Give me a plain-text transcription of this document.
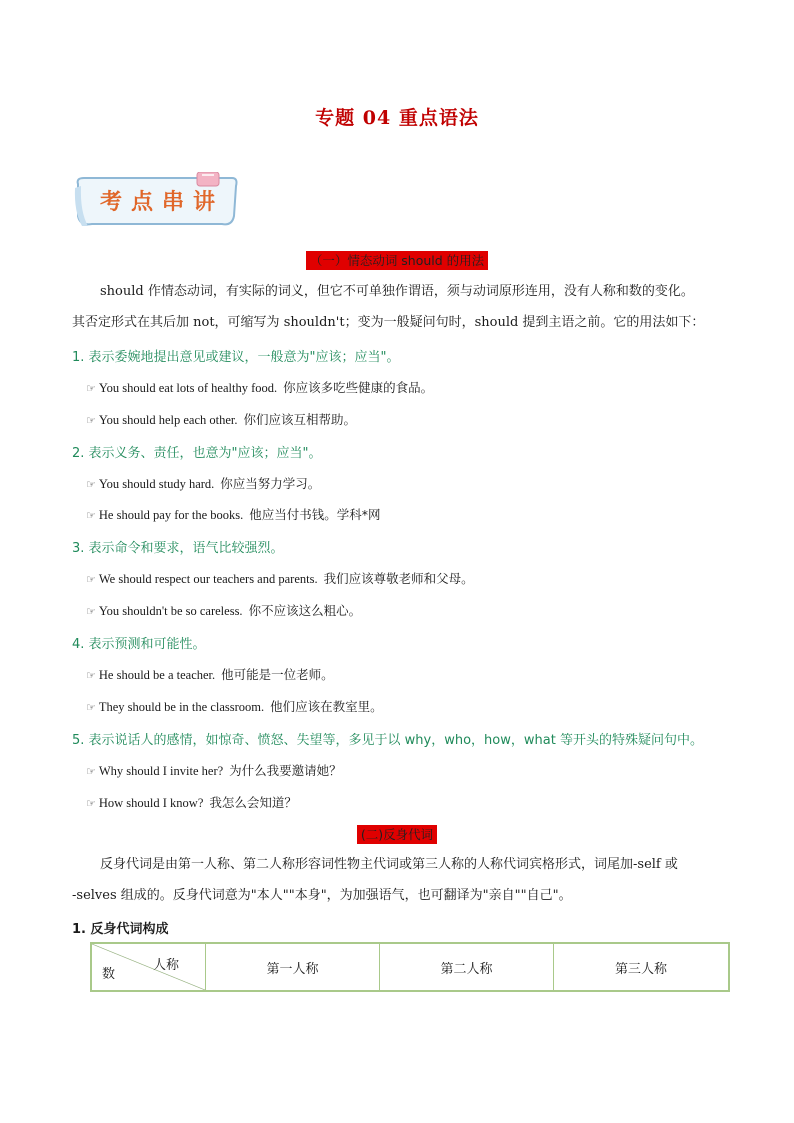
专题 04 重点语法
考点串讲
（一）情态动词 should 的用法
should 作情态动词，有实际的词义，但它不可单独作谓语，须与动词原形连用，没有人称和数的变化。
其否定形式在其后加 not，可缩写为 shouldn't；变为一般疑问句时，should 提到主语之前。它的用法如下：
1. 表示委婉地提出意见或建议，一般意为"应该；应当"。
☞ You should eat lots of healthy food. 你应该多吃些健康的食品。
☞ You should help each other. 你们应该互相帮助。
2. 表示义务、责任，也意为"应该；应当"。
☞ You should study hard. 你应当努力学习。
☞ He should pay for the books. 他应当付书钱。学科*网
3. 表示命令和要求，语气比较强烈。
☞ We should respect our teachers and parents. 我们应该尊敬老师和父母。
☞ You shouldn't be so careless. 你不应该这么粗心。
4. 表示预测和可能性。
☞ He should be a teacher. 他可能是一位老师。
☞ They should be in the classroom. 他们应该在教室里。
5. 表示说话人的感情，如惊奇、愤怒、失望等，多见于以 why，who，how，what 等开头的特殊疑问句中。
☞ Why should I invite her? 为什么我要邀请她？
☞ How should I know? 我怎么会知道？
(二)反身代词
反身代词是由第一人称、第二人称形容词性物主代词或第三人称的人称代词宾格形式，词尾加-self 或
-selves 组成的。反身代词意为"本人""本身"，为加强语气，也可翻译为"亲自""自己"。
1. 反身代词构成
人称
数	第一人称	第二人称	第三人称
